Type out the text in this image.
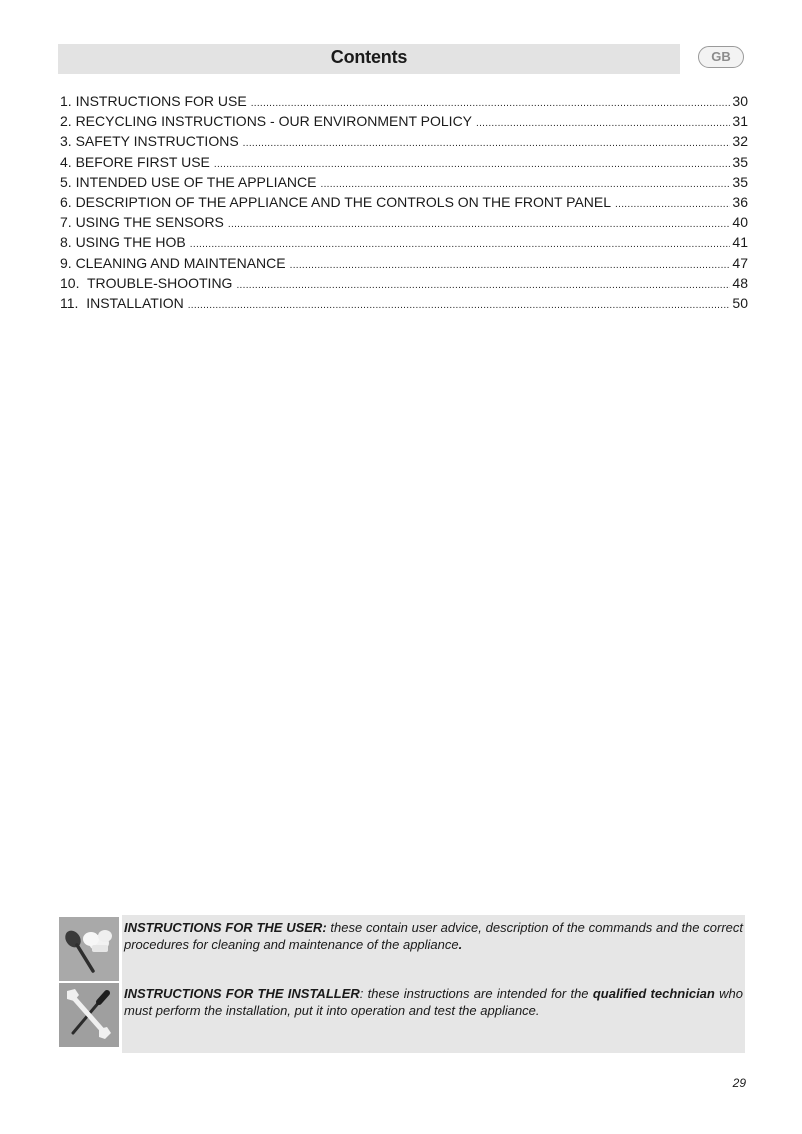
Contents	GB
1. INSTRUCTIONS FOR USE .....	30
2. RECYCLING INSTRUCTIONS - OUR ENVIRONMENT POLICY .....	31
3. SAFETY INSTRUCTIONS .....	32
4. BEFORE FIRST USE .....	35
5. INTENDED USE OF THE APPLIANCE .....	35
6. DESCRIPTION OF THE APPLIANCE AND THE CONTROLS ON THE FRONT PANEL .....	36
7. USING THE SENSORS .....	40
8. USING THE HOB .....	41
9. CLEANING AND MAINTENANCE .....	47
10.  TROUBLE-SHOOTING .....	48
11.  INSTALLATION .....	50

INSTRUCTIONS FOR THE USER: these contain user advice, description of the commands and the correct procedures for cleaning and maintenance of the appliance.

INSTRUCTIONS FOR THE INSTALLER: these instructions are intended for the qualified technician who must perform the installation, put it into operation and test the appliance.

29
